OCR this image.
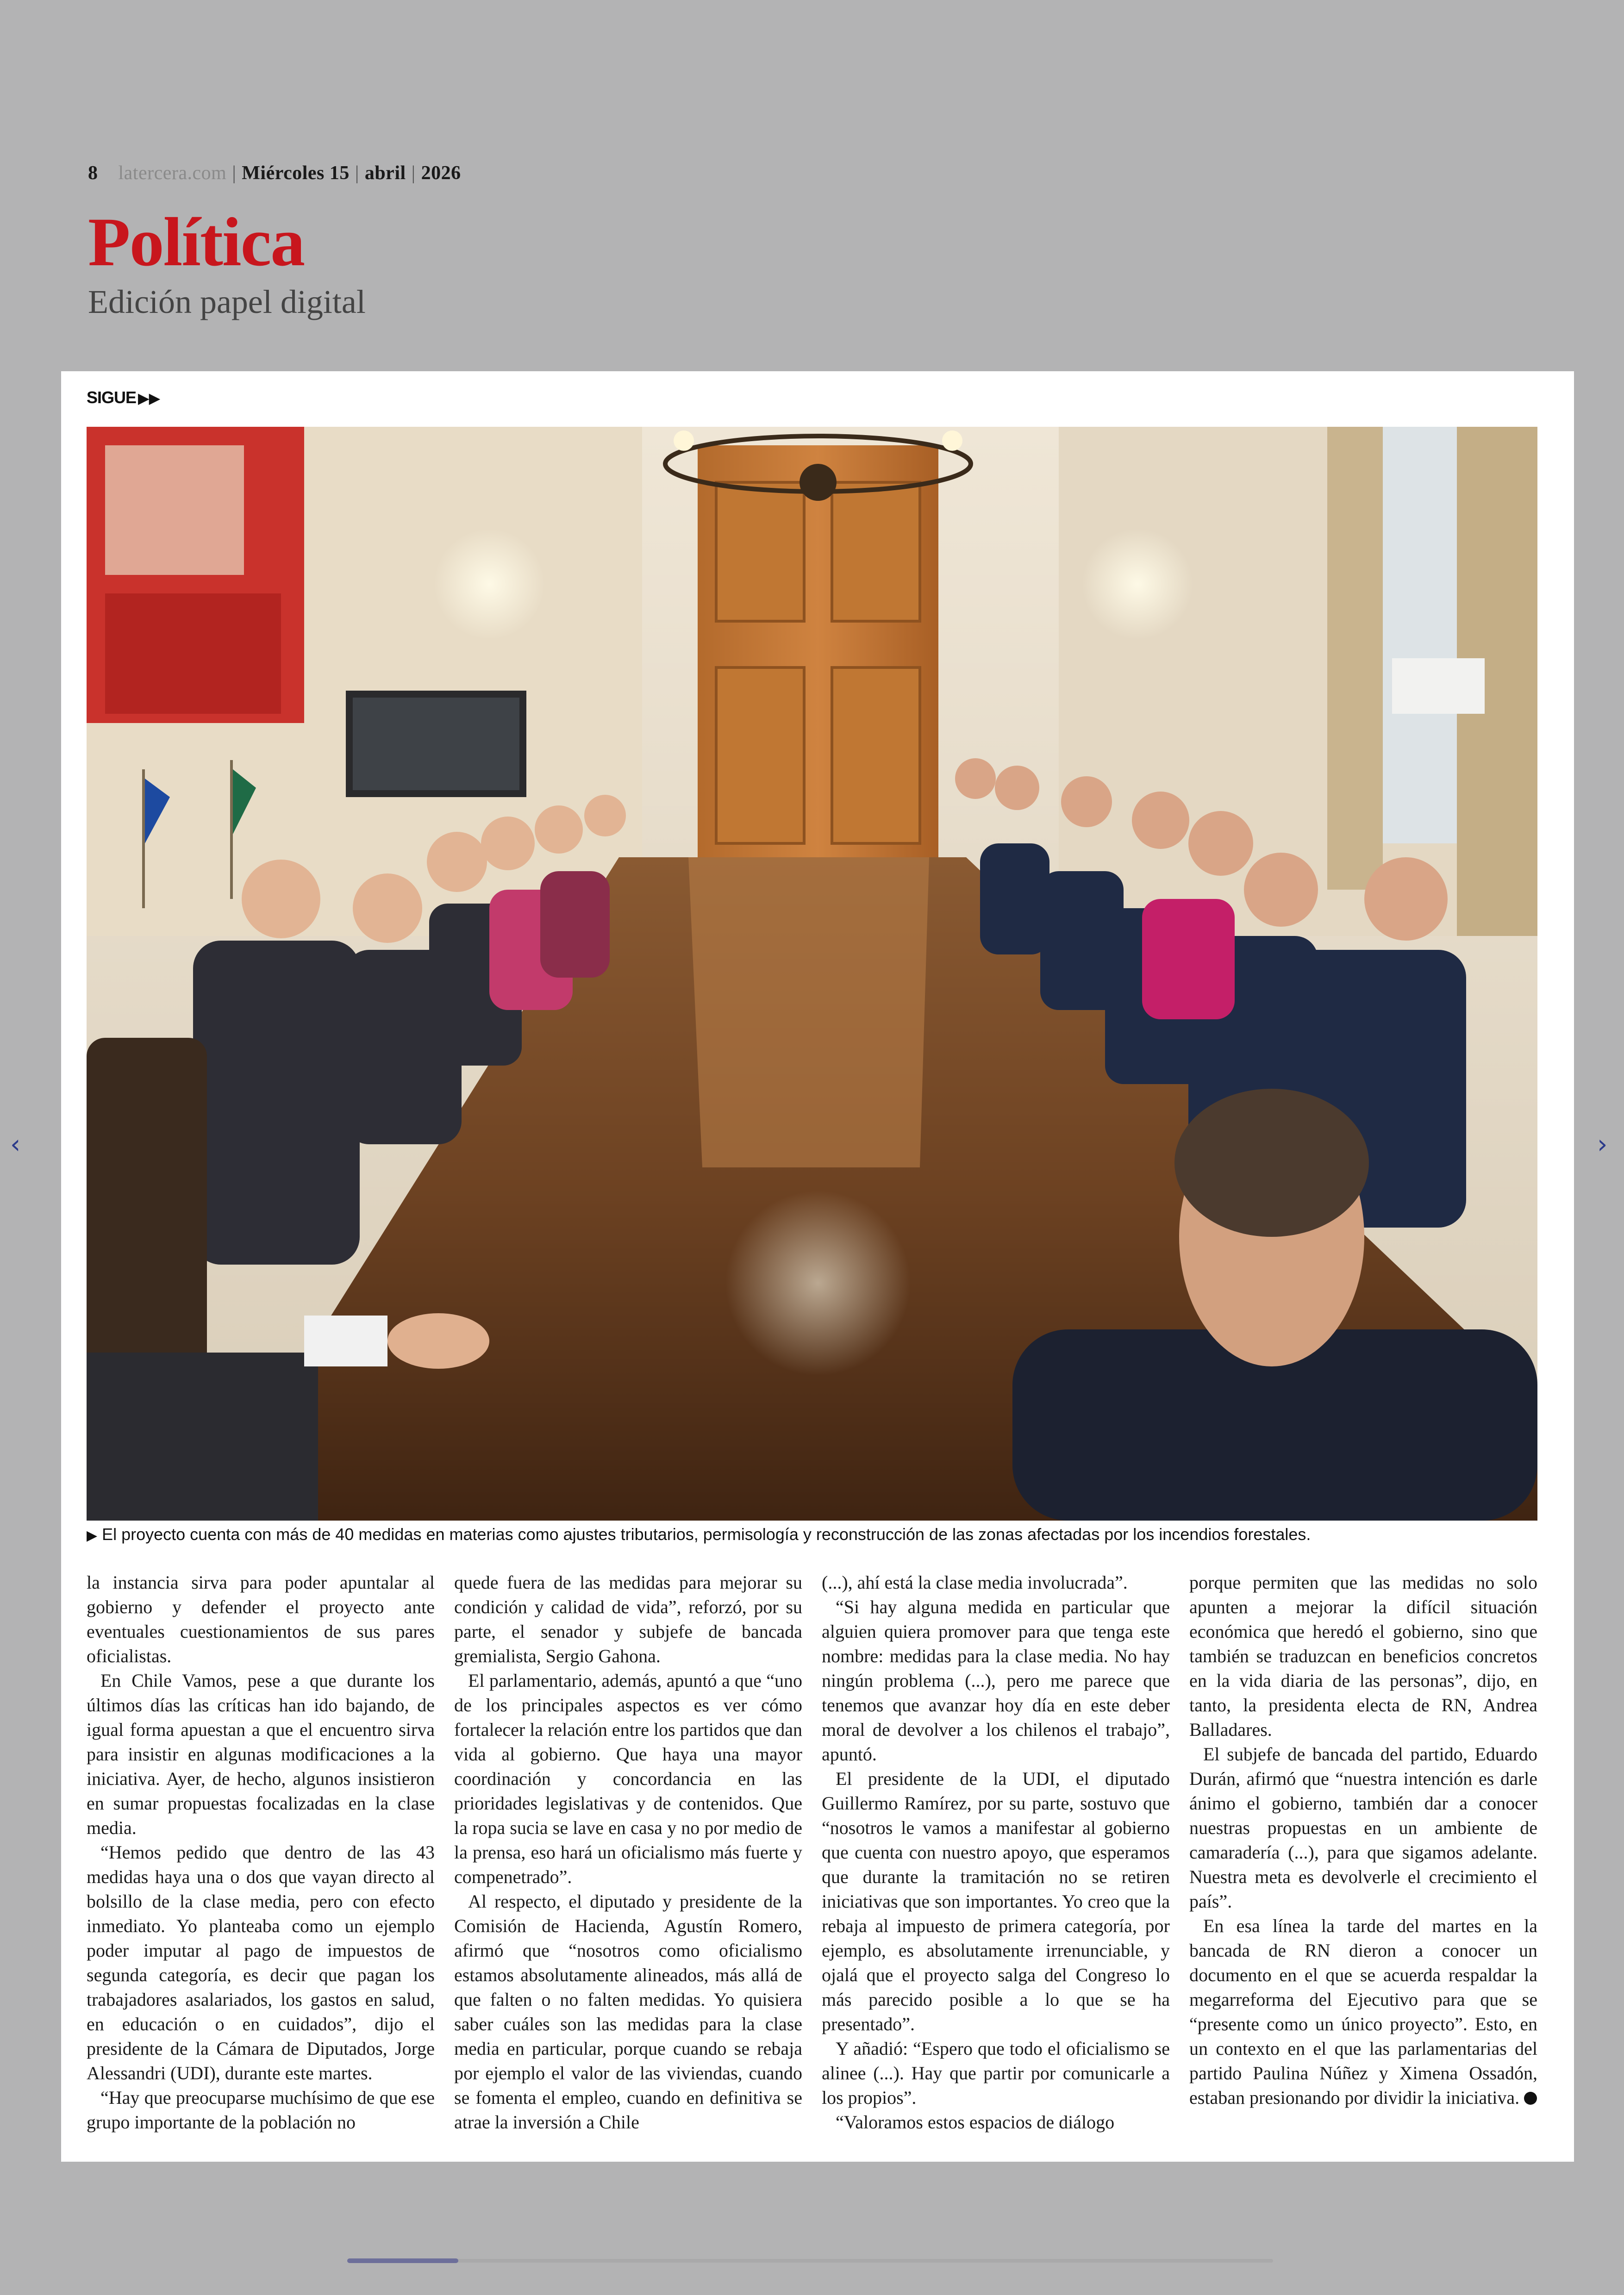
8 latercera.com | Miércoles 15 | abril | 2026
Política
Edición papel digital
‹	›
SIGUE ▶▶
▶ El proyecto cuenta con más de 40 medidas en materias como ajustes tributarios, permisología y reconstrucción de las zonas afectadas por los incendios forestales.

la instancia sirva para poder apuntalar al gobierno y defender el proyecto ante eventuales cuestionamientos de sus pares oficialistas.

En Chile Vamos, pese a que durante los últimos días las críticas han ido bajando, de igual forma apuestan a que el encuentro sirva para insistir en algunas modificaciones a la iniciativa. Ayer, de hecho, algunos insistieron en sumar propuestas focalizadas en la clase media.

“Hemos pedido que dentro de las 43 medidas haya una o dos que vayan directo al bolsillo de la clase media, pero con efecto inmediato. Yo planteaba como un ejemplo poder imputar al pago de impuestos de segunda categoría, es decir que pagan los trabajadores asalariados, los gastos en salud, en educación o en cuidados”, dijo el presidente de la Cámara de Diputados, Jorge Alessandri (UDI), durante este martes.

“Hay que preocuparse muchísimo de que ese grupo importante de la población no

quede fuera de las medidas para mejorar su condición y calidad de vida”, reforzó, por su parte, el senador y subjefe de bancada gremialista, Sergio Gahona.

El parlamentario, además, apuntó a que “uno de los principales aspectos es ver cómo fortalecer la relación entre los partidos que dan vida al gobierno. Que haya una mayor coordinación y concordancia en las prioridades legislativas y de contenidos. Que la ropa sucia se lave en casa y no por medio de la prensa, eso hará un oficialismo más fuerte y compenetrado”.

Al respecto, el diputado y presidente de la Comisión de Hacienda, Agustín Romero, afirmó que “nosotros como oficialismo estamos absolutamente alineados, más allá de que falten o no falten medidas. Yo quisiera saber cuáles son las medidas para la clase media en particular, porque cuando se rebaja por ejemplo el valor de las viviendas, cuando se fomenta el empleo, cuando en definitiva se atrae la inversión a Chile

(...), ahí está la clase media involucrada”.

“Si hay alguna medida en particular que alguien quiera promover para que tenga este nombre: medidas para la clase media. No hay ningún problema (...), pero me parece que tenemos que avanzar hoy día en este deber moral de devolver a los chilenos el trabajo”, apuntó.

El presidente de la UDI, el diputado Guillermo Ramírez, por su parte, sostuvo que “nosotros le vamos a manifestar al gobierno que cuenta con nuestro apoyo, que esperamos que durante la tramitación no se retiren iniciativas que son importantes. Yo creo que la rebaja al impuesto de primera categoría, por ejemplo, es absolutamente irrenunciable, y ojalá que el proyecto salga del Congreso lo más parecido posible a lo que se ha presentado”.

Y añadió: “Espero que todo el oficialismo se alinee (...). Hay que partir por comunicarle a los propios”.

“Valoramos estos espacios de diálogo

porque permiten que las medidas no solo apunten a mejorar la difícil situación económica que heredó el gobierno, sino que también se traduzcan en beneficios concretos en la vida diaria de las personas”, dijo, en tanto, la presidenta electa de RN, Andrea Balladares.

El subjefe de bancada del partido, Eduardo Durán, afirmó que “nuestra intención es darle ánimo el gobierno, también dar a conocer nuestras propuestas en un ambiente de camaradería (...), para que sigamos adelante. Nuestra meta es devolverle el crecimiento el país”.

En esa línea la tarde del martes en la bancada de RN dieron a conocer un documento en el que se acuerda respaldar la megarreforma del Ejecutivo para que se “presente como un único proyecto”. Esto, en un contexto en el que las parlamentarias del partido Paulina Núñez y Ximena Ossadón, estaban presionando por dividir la iniciativa.
